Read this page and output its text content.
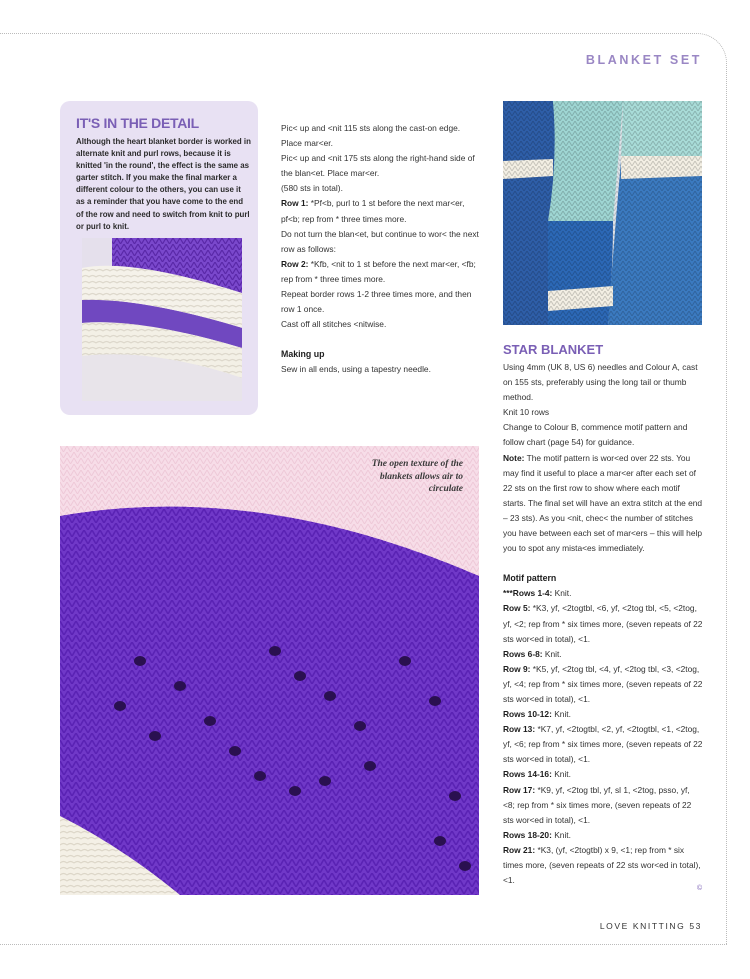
BLANKET SET
IT'S IN THE DETAIL

Although the heart blanket border is worked in alternate knit and purl rows, because it is knitted 'in the round', the effect is the same as garter stitch. If you make the final marker a different colour to the others, you can use it as a reminder that you have come to the end of the row and need to switch from knit to purl or purl to knit.

Pic< up and <nit 115 sts along the cast-on edge.

Place mar<er.

Pic< up and <nit 175 sts along the right-hand side of the blan<et. Place mar<er.

(580 sts in total).

Row 1: *Pf<b, purl to 1 st before the next mar<er, pf<b; rep from * three times more.

Do not turn the blan<et, but continue to wor< the next row as follows:

Row 2: *Kfb, <nit to 1 st before the next mar<er, <fb; rep from * three times more.

Repeat border rows 1-2 three times more, and then row 1 once.

Cast off all stitches <nitwise.

Making up

Sew in all ends, using a tapestry needle.

STAR BLANKET

Using 4mm (UK 8, US 6) needles and Colour A, cast on 155 sts, preferably using the long tail or thumb method.

Knit 10 rows

Change to Colour B, commence motif pattern and follow chart (page 54) for guidance.

Note: The motif pattern is wor<ed over 22 sts. You may find it useful to place a mar<er after each set of 22 sts on the first row to show where each motif starts. The final set will have an extra stitch at the end – 23 sts). As you <nit, chec< the number of stitches you have between each set of mar<ers – this will help you to spot any mista<es immediately.

Motif pattern

***Rows 1-4: Knit.

Row 5: *K3, yf, <2togtbl, <6, yf, <2tog tbl, <5, <2tog, yf, <2; rep from * six times more, (seven repeats of 22 sts wor<ed in total), <1.

Rows 6-8: Knit.

Row 9: *K5, yf, <2tog tbl, <4, yf, <2tog tbl, <3, <2tog, yf, <4; rep from * six times more, (seven repeats of 22 sts wor<ed in total), <1.

Rows 10-12: Knit.

Row 13: *K7, yf, <2togtbl, <2, yf, <2togtbl, <1, <2tog, yf, <6; rep from * six times more, (seven repeats of 22 sts wor<ed in total), <1.

Rows 14-16: Knit.

Row 17: *K9, yf, <2tog tbl, yf, sl 1, <2tog, psso, yf, <8; rep from * six times more, (seven repeats of 22 sts wor<ed in total), <1.

Rows 18-20: Knit.

Row 21: *K3, (yf, <2togtbl) x 9, <1; rep from * six times more, (seven repeats of 22 sts wor<ed in total), <1.

The open texture of the blankets allows air to circulate
©
LOVE KNITTING 53
